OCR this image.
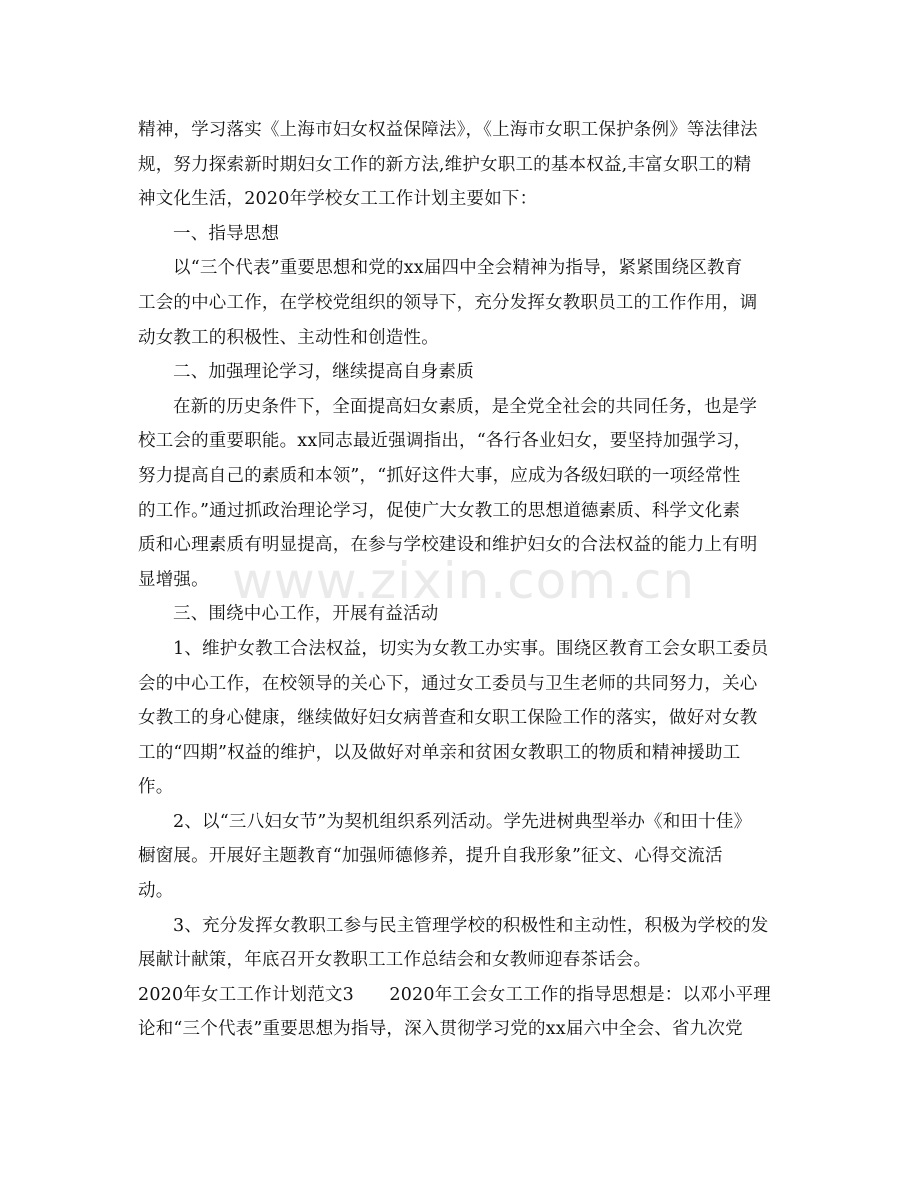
精神，学习落实《上海市妇女权益保障法》，《上海市女职工保护条例》等法律法
规，努力探索新时期妇女工作的新方法,维护女职工的基本权益,丰富女职工的精
神文化生活，2020年学校女工工作计划主要如下：
一、指导思想
以“三个代表”重要思想和党的xx届四中全会精神为指导，紧紧围绕区教育
工会的中心工作，在学校党组织的领导下，充分发挥女教职员工的工作作用，调
动女教工的积极性、主动性和创造性。
二、加强理论学习，继续提高自身素质
在新的历史条件下，全面提高妇女素质，是全党全社会的共同任务，也是学
校工会的重要职能。xx同志最近强调指出，“各行各业妇女，要坚持加强学习，
努力提高自己的素质和本领”，“抓好这件大事，应成为各级妇联的一项经常性
的工作。”通过抓政治理论学习，促使广大女教工的思想道德素质、科学文化素
质和心理素质有明显提高，在参与学校建设和维护妇女的合法权益的能力上有明
显增强。
三、围绕中心工作，开展有益活动
1、维护女教工合法权益，切实为女教工办实事。围绕区教育工会女职工委员
会的中心工作，在校领导的关心下，通过女工委员与卫生老师的共同努力，关心
女教工的身心健康，继续做好妇女病普查和女职工保险工作的落实，做好对女教
工的“四期”权益的维护，以及做好对单亲和贫困女教职工的物质和精神援助工
作。
2、以“三八妇女节”为契机组织系列活动。学先进树典型举办《和田十佳》
橱窗展。开展好主题教育“加强师德修养，提升自我形象”征文、心得交流活
动。
3、充分发挥女教职工参与民主管理学校的积极性和主动性，积极为学校的发
展献计献策，年底召开女教职工工作总结会和女教师迎春茶话会。
2020年女工工作计划范文3　　2020年工会女工工作的指导思想是：以邓小平理
论和“三个代表”重要思想为指导，深入贯彻学习党的xx届六中全会、省九次党
www.zixin.com.cn
